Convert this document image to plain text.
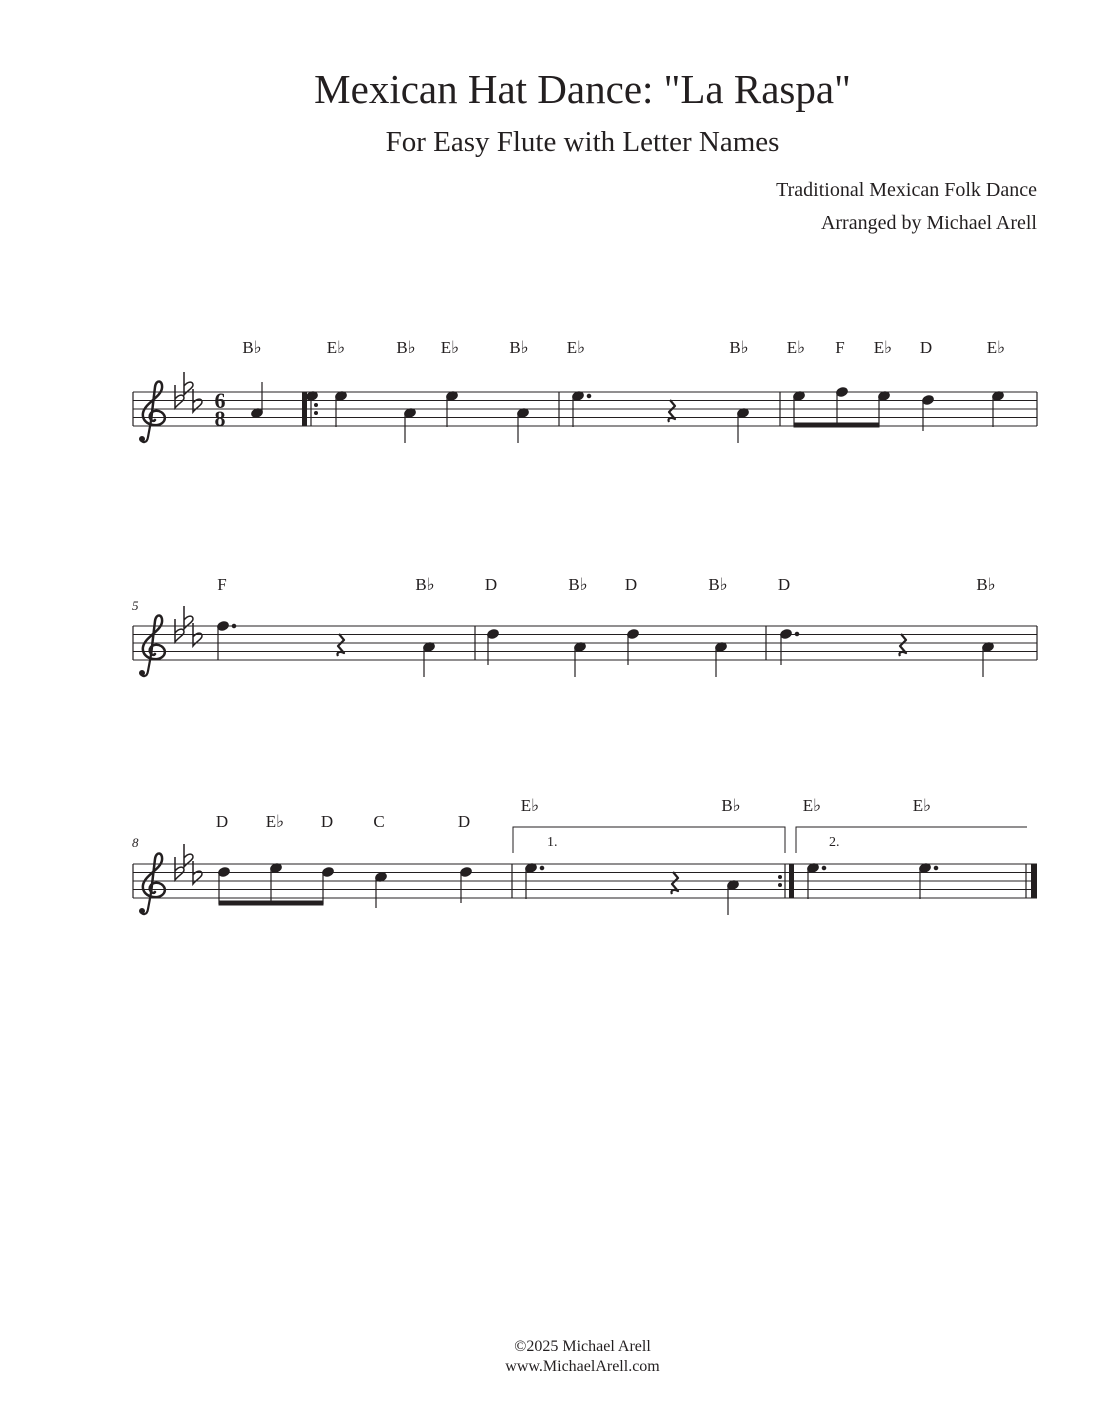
Mexican Hat Dance: "La Raspa"
For Easy Flute with Letter Names
Traditional Mexican Folk Dance
Arranged by Michael Arell
6
8
B♭	E♭	B♭ E♭	B♭ E♭	B♭ E♭ F E♭ D	E♭
5
F	B♭	D	B♭ D	B♭	D	B♭
8	1.	2.
D E♭ D C	D
E♭	B♭	E♭	E♭
©2025 Michael Arell
www.MichaelArell.com
